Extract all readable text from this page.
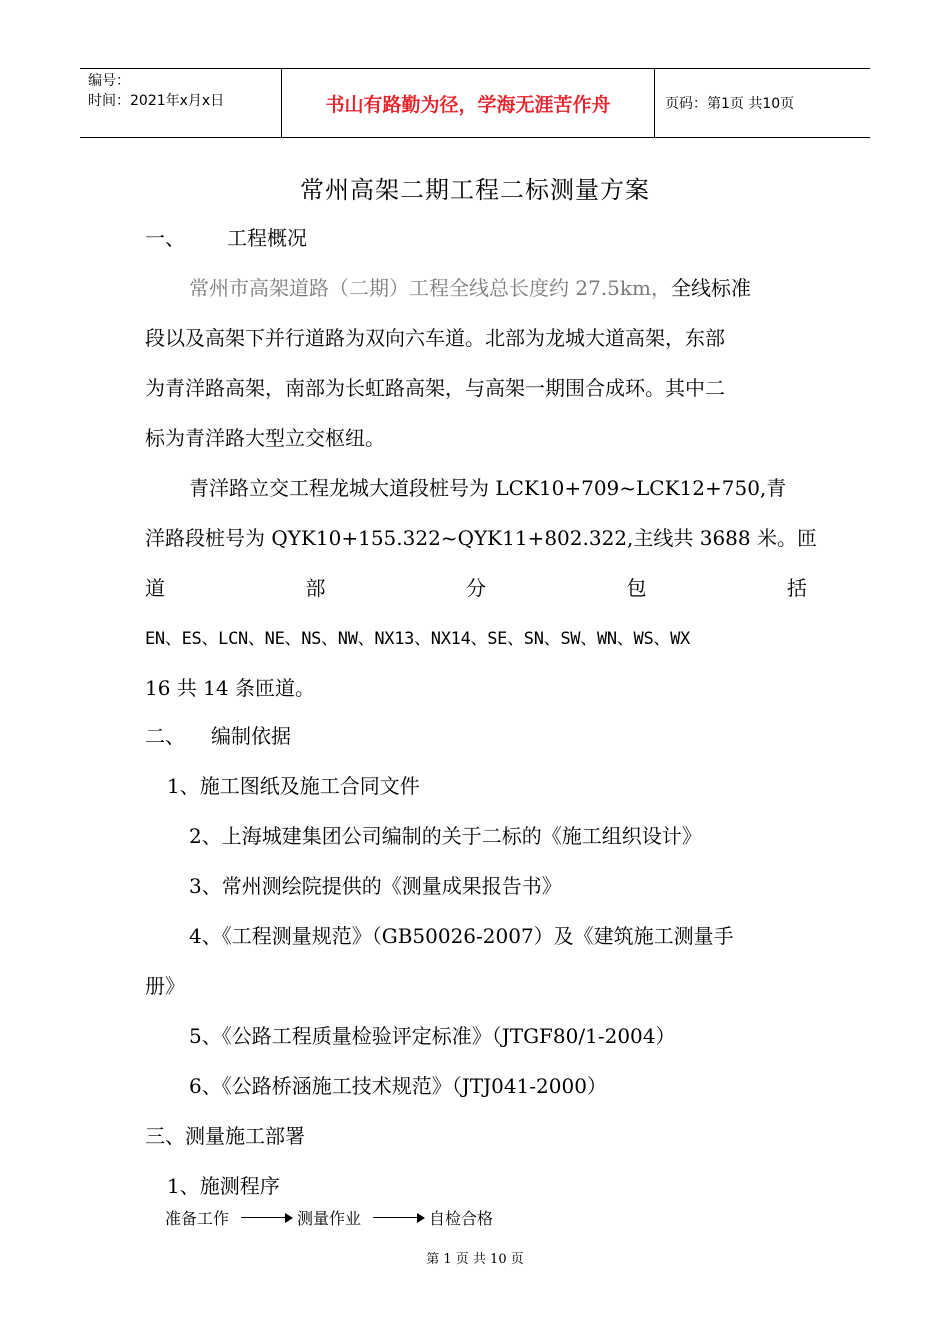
编号：
时间：2021年x月x日	书山有路勤为径，学海无涯苦作舟	页码：第1页 共10页
常州高架二期工程二标测量方案
一、 工程概况
常州市高架道路（二期）工程全线总长度约 27.5km，全线标准
段以及高架下并行道路为双向六车道。北部为龙城大道高架，东部
为青洋路高架，南部为长虹路高架，与高架一期围合成环。其中二
标为青洋路大型立交枢纽。
青洋路立交工程龙城大道段桩号为 LCK10+709~LCK12+750,青
洋路段桩号为 QYK10+155.322~QYK11+802.322,主线共 3688 米。匝
道	部	分	包	括
EN、ES、LCN、NE、NS、NW、NX13、NX14、SE、SN、SW、WN、WS、WX
16 共 14 条匝道。
二、 编制依据
1、施工图纸及施工合同文件
2、上海城建集团公司编制的关于二标的《施工组织设计》
3、常州测绘院提供的《测量成果报告书》
4、《工程测量规范》（GB50026-2007）及《建筑施工测量手
册》
5、《公路工程质量检验评定标准》（JTGF80/1-2004）
6、《公路桥涵施工技术规范》（JTJ041-2000）
三、测量施工部署
1、施测程序
准备工作	测量作业	自检合格
第 1 页 共 10 页
